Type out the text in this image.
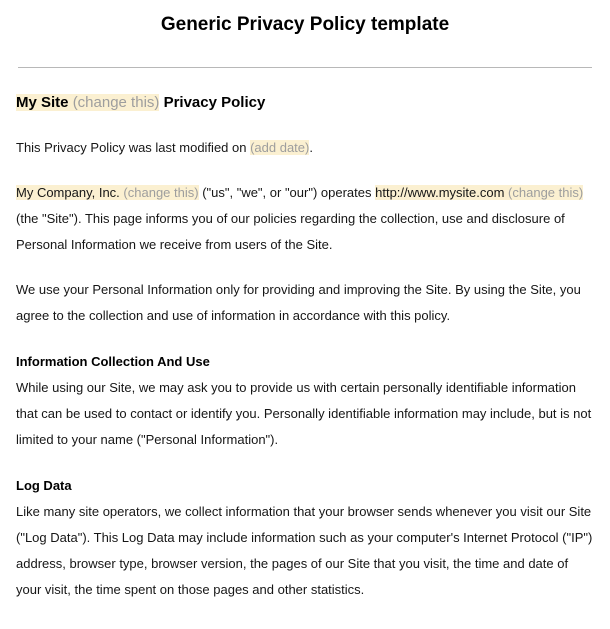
Generic Privacy Policy template
My Site (change this) Privacy Policy

This Privacy Policy was last modified on (add date).

My Company, Inc. (change this) ("us", "we", or "our") operates http://www.mysite.com (change this) (the "Site"). This page informs you of our policies regarding the collection, use and disclosure of Personal Information we receive from users of the Site.

We use your Personal Information only for providing and improving the Site. By using the Site, you agree to the collection and use of information in accordance with this policy.

Information Collection And Use

While using our Site, we may ask you to provide us with certain personally identifiable information that can be used to contact or identify you. Personally identifiable information may include, but is not limited to your name ("Personal Information").

Log Data

Like many site operators, we collect information that your browser sends whenever you visit our Site ("Log Data"). This Log Data may include information such as your computer's Internet Protocol ("IP") address, browser type, browser version, the pages of our Site that you visit, the time and date of your visit, the time spent on those pages and other statistics.
